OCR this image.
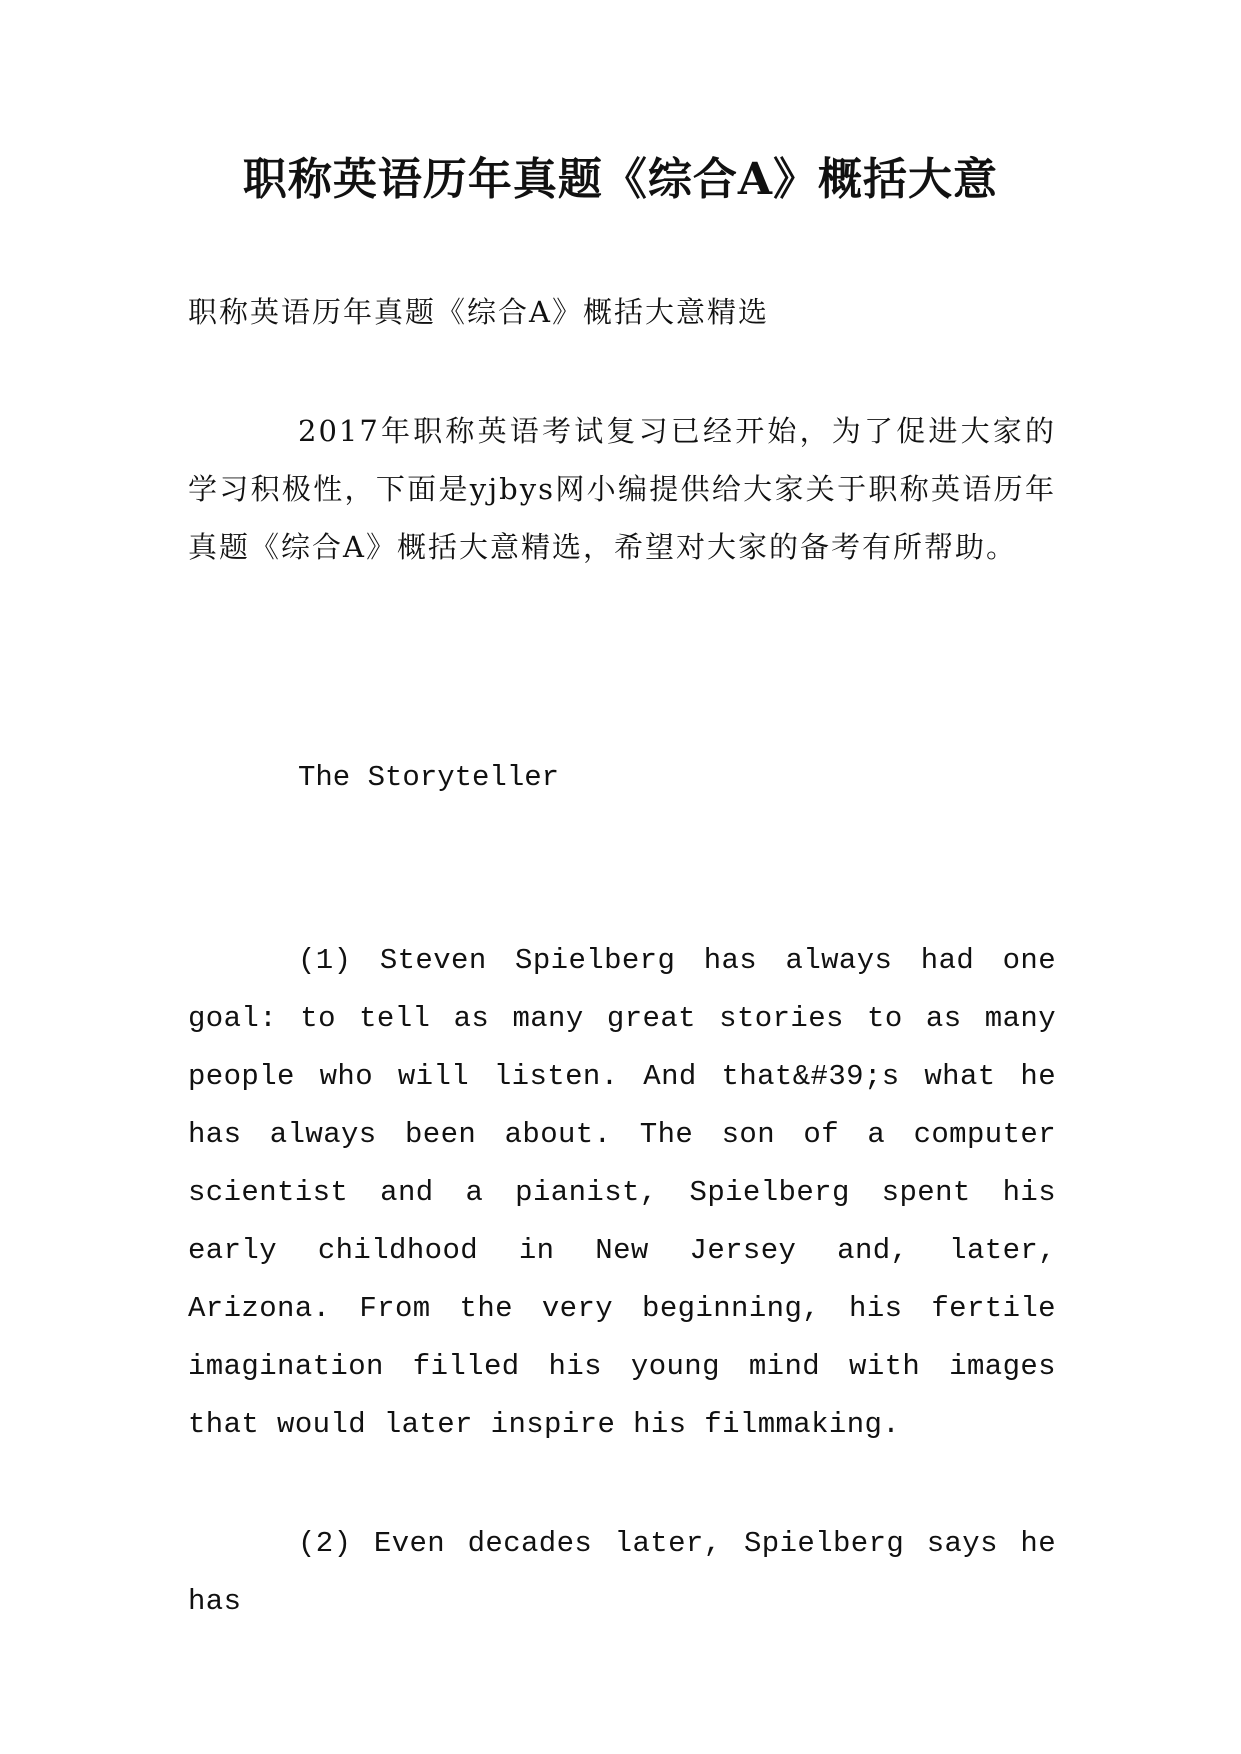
职称英语历年真题《综合A》概括大意

职称英语历年真题《综合A》概括大意精选

2017年职称英语考试复习已经开始，为了促进大家的学习积极性，下面是yjbys网小编提供给大家关于职称英语历年真题《综合A》概括大意精选，希望对大家的备考有所帮助。

The Storyteller

(1) Steven Spielberg has always had one goal: to tell as many great stories to as many people who will listen. And that&#39;s what he has always been about. The son of a computer scientist and a pianist, Spielberg spent his early childhood in New Jersey and, later, Arizona. From the very beginning, his fertile imagination filled his young mind with images that would later inspire his filmmaking.

(2) Even decades later, Spielberg says he has
